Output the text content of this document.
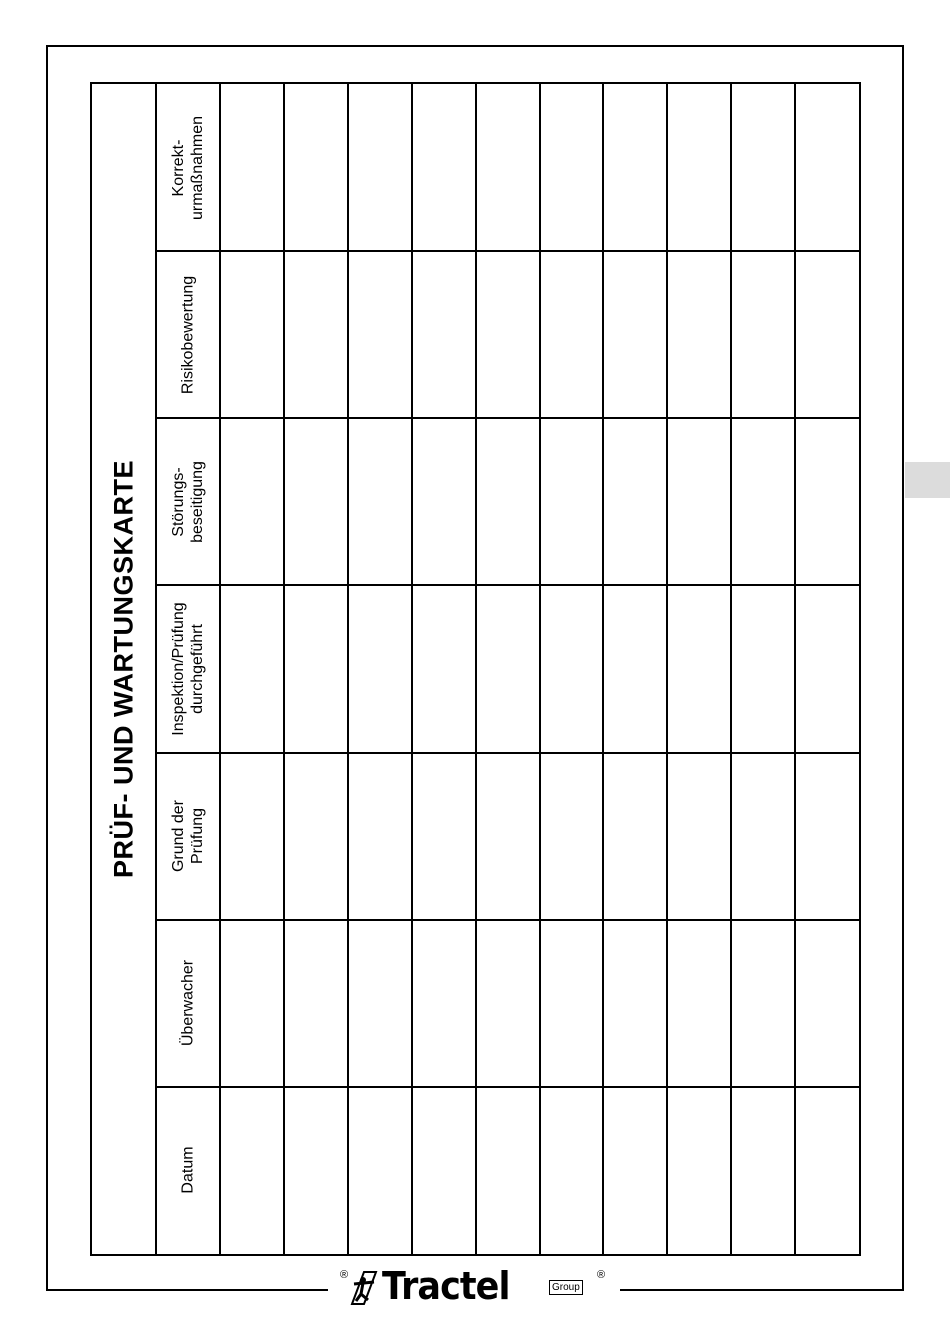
PRÜF- UND WARTUNGSKARTE
Datum
Überwacher
Grund der
Prüfung
Inspektion/Prüfung
durchgeführt
Störungs-
beseitigung
Risikobewertung
Korrekt-
urmaßnahmen
® Tractel	Group
®
